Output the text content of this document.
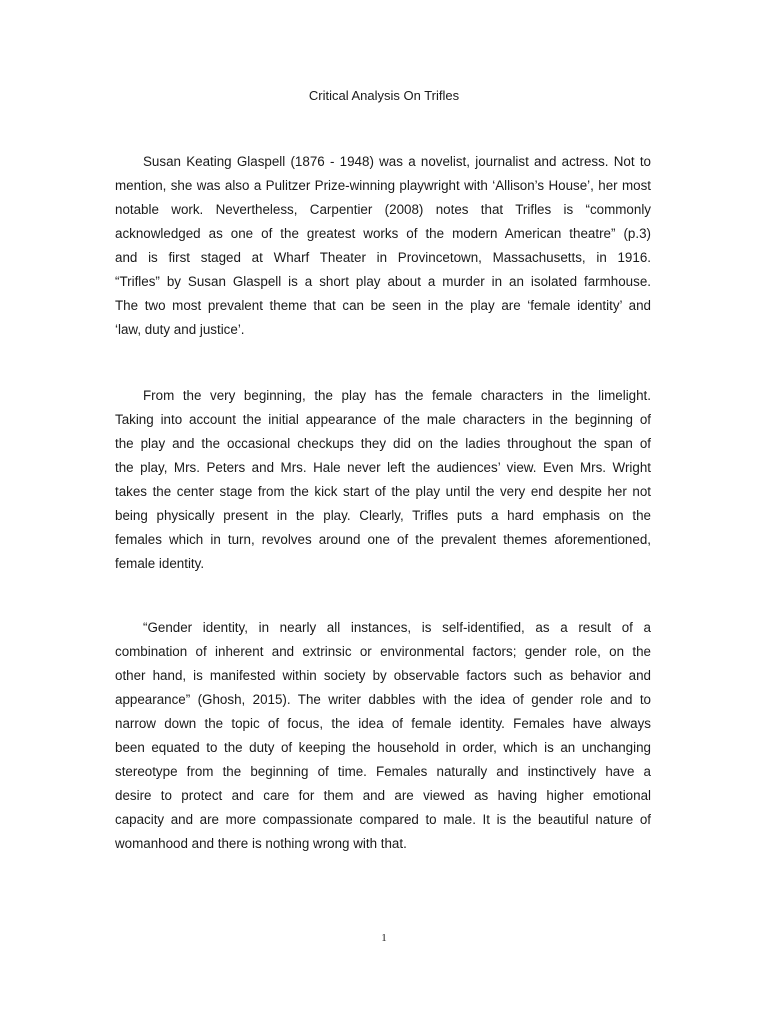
Critical Analysis On Trifles
Susan Keating Glaspell (1876 - 1948) was a novelist, journalist and actress. Not to
mention, she was also a Pulitzer Prize-winning playwright with ‘Allison’s House’, her most
notable work. Nevertheless, Carpentier (2008) notes that Trifles is “commonly
acknowledged as one of the greatest works of the modern American theatre” (p.3)
and is first staged at Wharf Theater in Provincetown, Massachusetts, in 1916.
“Trifles” by Susan Glaspell is a short play about a murder in an isolated farmhouse.
The two most prevalent theme that can be seen in the play are ‘female identity’ and
‘law, duty and justice’.
From the very beginning, the play has the female characters in the limelight.
Taking into account the initial appearance of the male characters in the beginning of
the play and the occasional checkups they did on the ladies throughout the span of
the play, Mrs. Peters and Mrs. Hale never left the audiences’ view. Even Mrs. Wright
takes the center stage from the kick start of the play until the very end despite her not
being physically present in the play. Clearly, Trifles puts a hard emphasis on the
females which in turn, revolves around one of the prevalent themes aforementioned,
female identity.
“Gender identity, in nearly all instances, is self-identified, as a result of a
combination of inherent and extrinsic or environmental factors; gender role, on the
other hand, is manifested within society by observable factors such as behavior and
appearance” (Ghosh, 2015). The writer dabbles with the idea of gender role and to
narrow down the topic of focus, the idea of female identity. Females have always
been equated to the duty of keeping the household in order, which is an unchanging
stereotype from the beginning of time. Females naturally and instinctively have a
desire to protect and care for them and are viewed as having higher emotional
capacity and are more compassionate compared to male. It is the beautiful nature of
womanhood and there is nothing wrong with that.
1
